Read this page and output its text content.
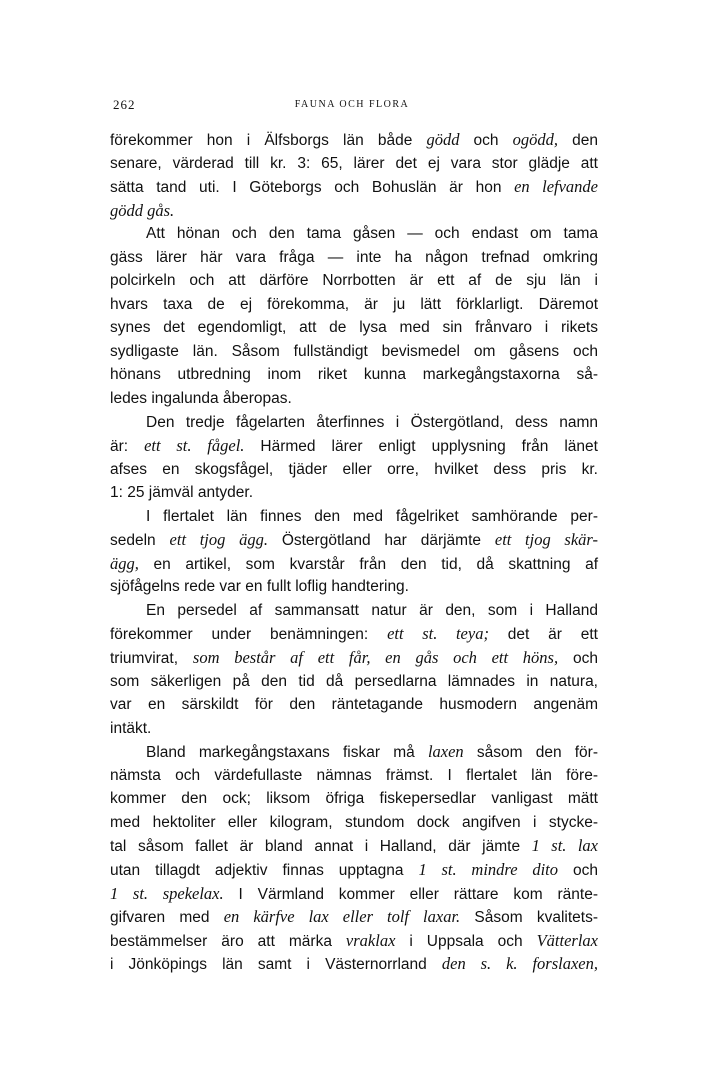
262	FAUNA OCH FLORA
förekommer hon i Älfsborgs län både gödd och ogödd, den
senare, värderad till kr. 3: 65, lärer det ej vara stor glädje att
sätta tand uti. I Göteborgs och Bohuslän är hon en lefvande
gödd gås.
Att hönan och den tama gåsen — och endast om tama
gäss lärer här vara fråga — inte ha någon trefnad omkring
polcirkeln och att därföre Norrbotten är ett af de sju län i
hvars taxa de ej förekomma, är ju lätt förklarligt. Däremot
synes det egendomligt, att de lysa med sin frånvaro i rikets
sydligaste län. Såsom fullständigt bevismedel om gåsens och
hönans utbredning inom riket kunna markegångstaxorna så-
ledes ingalunda åberopas.
Den tredje fågelarten återfinnes i Östergötland, dess namn
är: ett st. fågel. Härmed lärer enligt upplysning från länet
afses en skogsfågel, tjäder eller orre, hvilket dess pris kr.
1: 25 jämväl antyder.
I flertalet län finnes den med fågelriket samhörande per-
sedeln ett tjog ägg. Östergötland har därjämte ett tjog skär-
ägg, en artikel, som kvarstår från den tid, då skattning af
sjöfågelns rede var en fullt loflig handtering.
En persedel af sammansatt natur är den, som i Halland
förekommer under benämningen: ett st. teya; det är ett
triumvirat, som består af ett får, en gås och ett höns, och
som säkerligen på den tid då persedlarna lämnades in natura,
var en särskildt för den räntetagande husmodern angenäm
intäkt.
Bland markegångstaxans fiskar må laxen såsom den för-
nämsta och värdefullaste nämnas främst. I flertalet län före-
kommer den ock; liksom öfriga fiskepersedlar vanligast mätt
med hektoliter eller kilogram, stundom dock angifven i stycke-
tal såsom fallet är bland annat i Halland, där jämte 1 st. lax
utan tillagdt adjektiv finnas upptagna 1 st. mindre dito och
1 st. spekelax. I Värmland kommer eller rättare kom ränte-
gifvaren med en kärfve lax eller tolf laxar. Såsom kvalitets-
bestämmelser äro att märka vraklax i Uppsala och Vätterlax
i Jönköpings län samt i Västernorrland den s. k. forslaxen,
